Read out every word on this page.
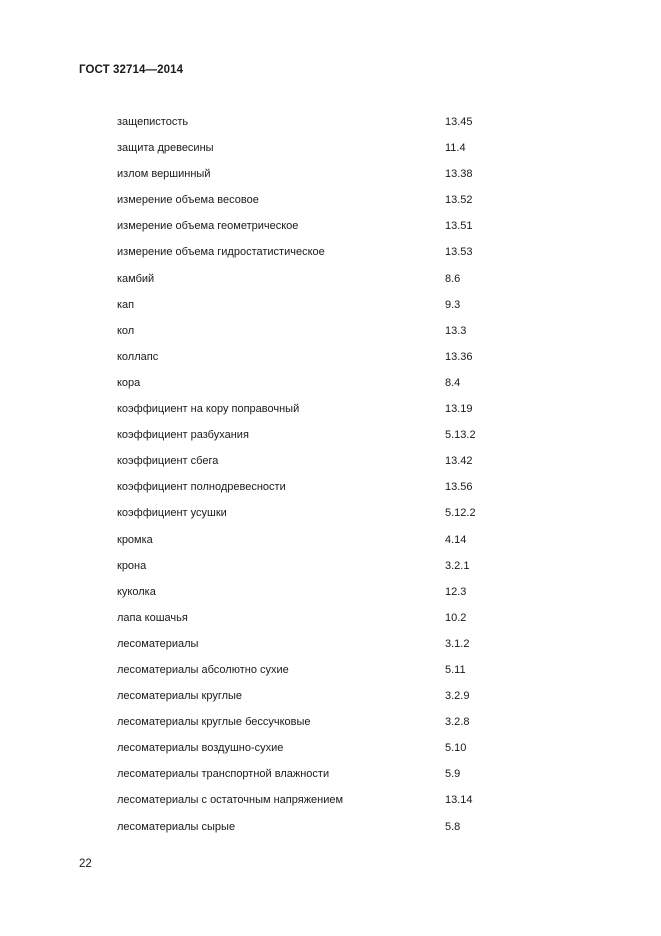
ГОСТ 32714—2014
защепистость	13.45
защита древесины	11.4
излом вершинный	13.38
измерение объема весовое	13.52
измерение объема геометрическое	13.51
измерение объема гидростатистическое	13.53
камбий	8.6
кап	9.3
кол	13.3
коллапс	13.36
кора	8.4
коэффициент на кору поправочный	13.19
коэффициент разбухания	5.13.2
коэффициент сбега	13.42
коэффициент полнодревесности	13.56
коэффициент усушки	5.12.2
кромка	4.14
крона	3.2.1
куколка	12.3
лапа кошачья	10.2
лесоматериалы	3.1.2
лесоматериалы абсолютно сухие	5.11
лесоматериалы круглые	3.2.9
лесоматериалы круглые бессучковые	3.2.8
лесоматериалы воздушно-сухие	5.10
лесоматериалы транспортной влажности	5.9
лесоматериалы с остаточным напряжением	13.14
лесоматериалы сырые	5.8
22
